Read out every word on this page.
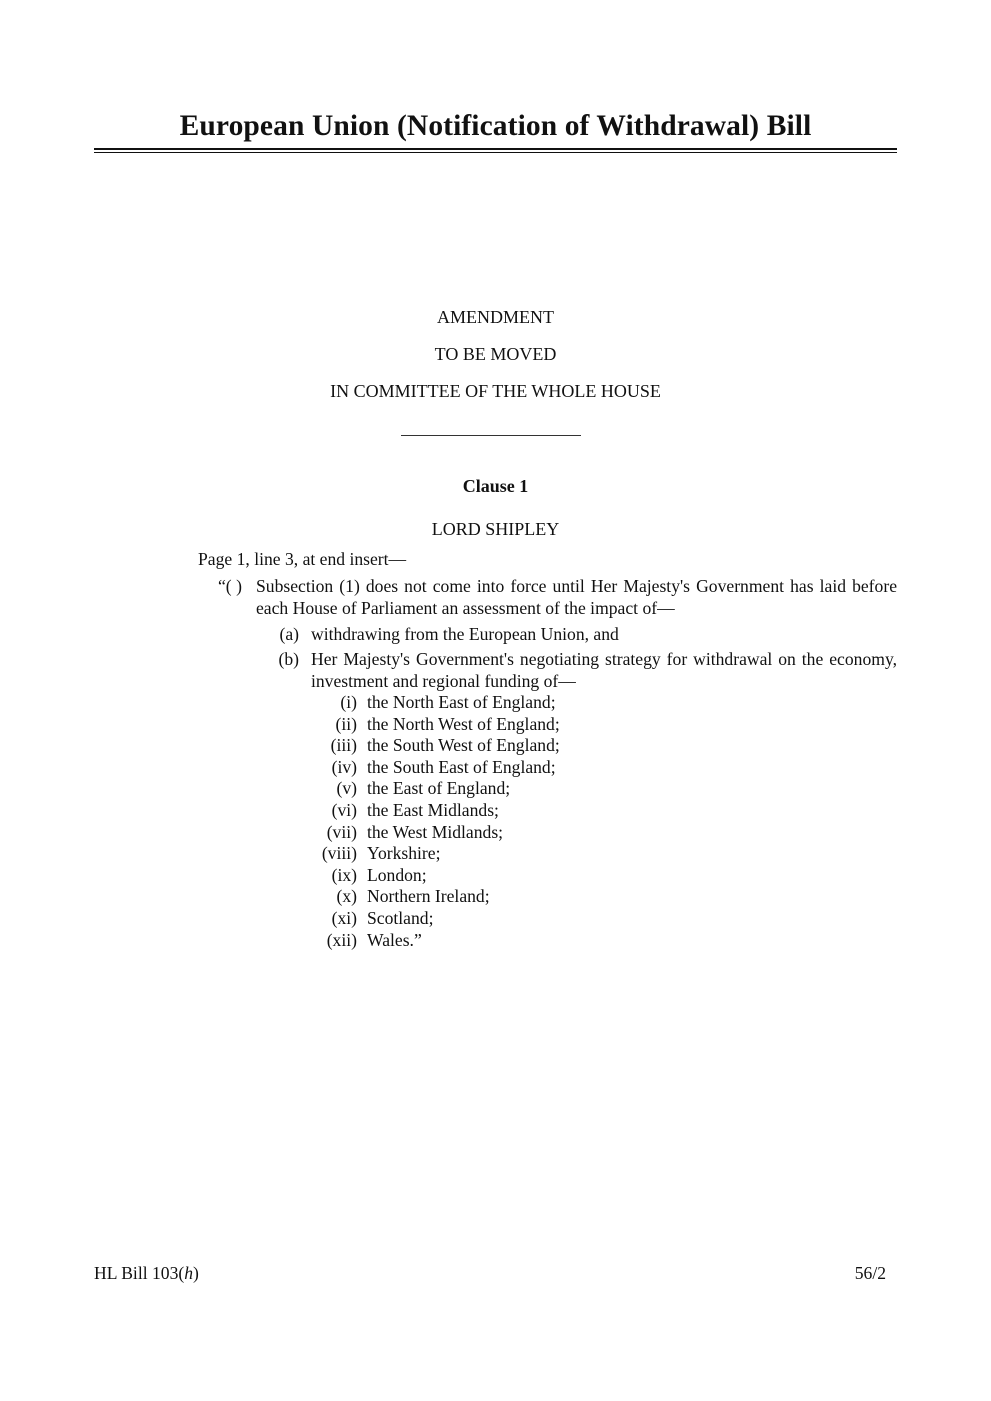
European Union (Notification of Withdrawal) Bill
AMENDMENT
TO BE MOVED
IN COMMITTEE OF THE WHOLE HOUSE
Clause 1
LORD SHIPLEY
Page 1, line 3, at end insert—
“( ) Subsection (1) does not come into force until Her Majesty's Government has laid before each House of Parliament an assessment of the impact of—
(a) withdrawing from the European Union, and
(b) Her Majesty's Government's negotiating strategy for withdrawal on the economy, investment and regional funding of—
(i) the North East of England;
(ii) the North West of England;
(iii) the South West of England;
(iv) the South East of England;
(v) the East of England;
(vi) the East Midlands;
(vii) the West Midlands;
(viii) Yorkshire;
(ix) London;
(x) Northern Ireland;
(xi) Scotland;
(xii) Wales.”
HL Bill 103(h)	56/2
